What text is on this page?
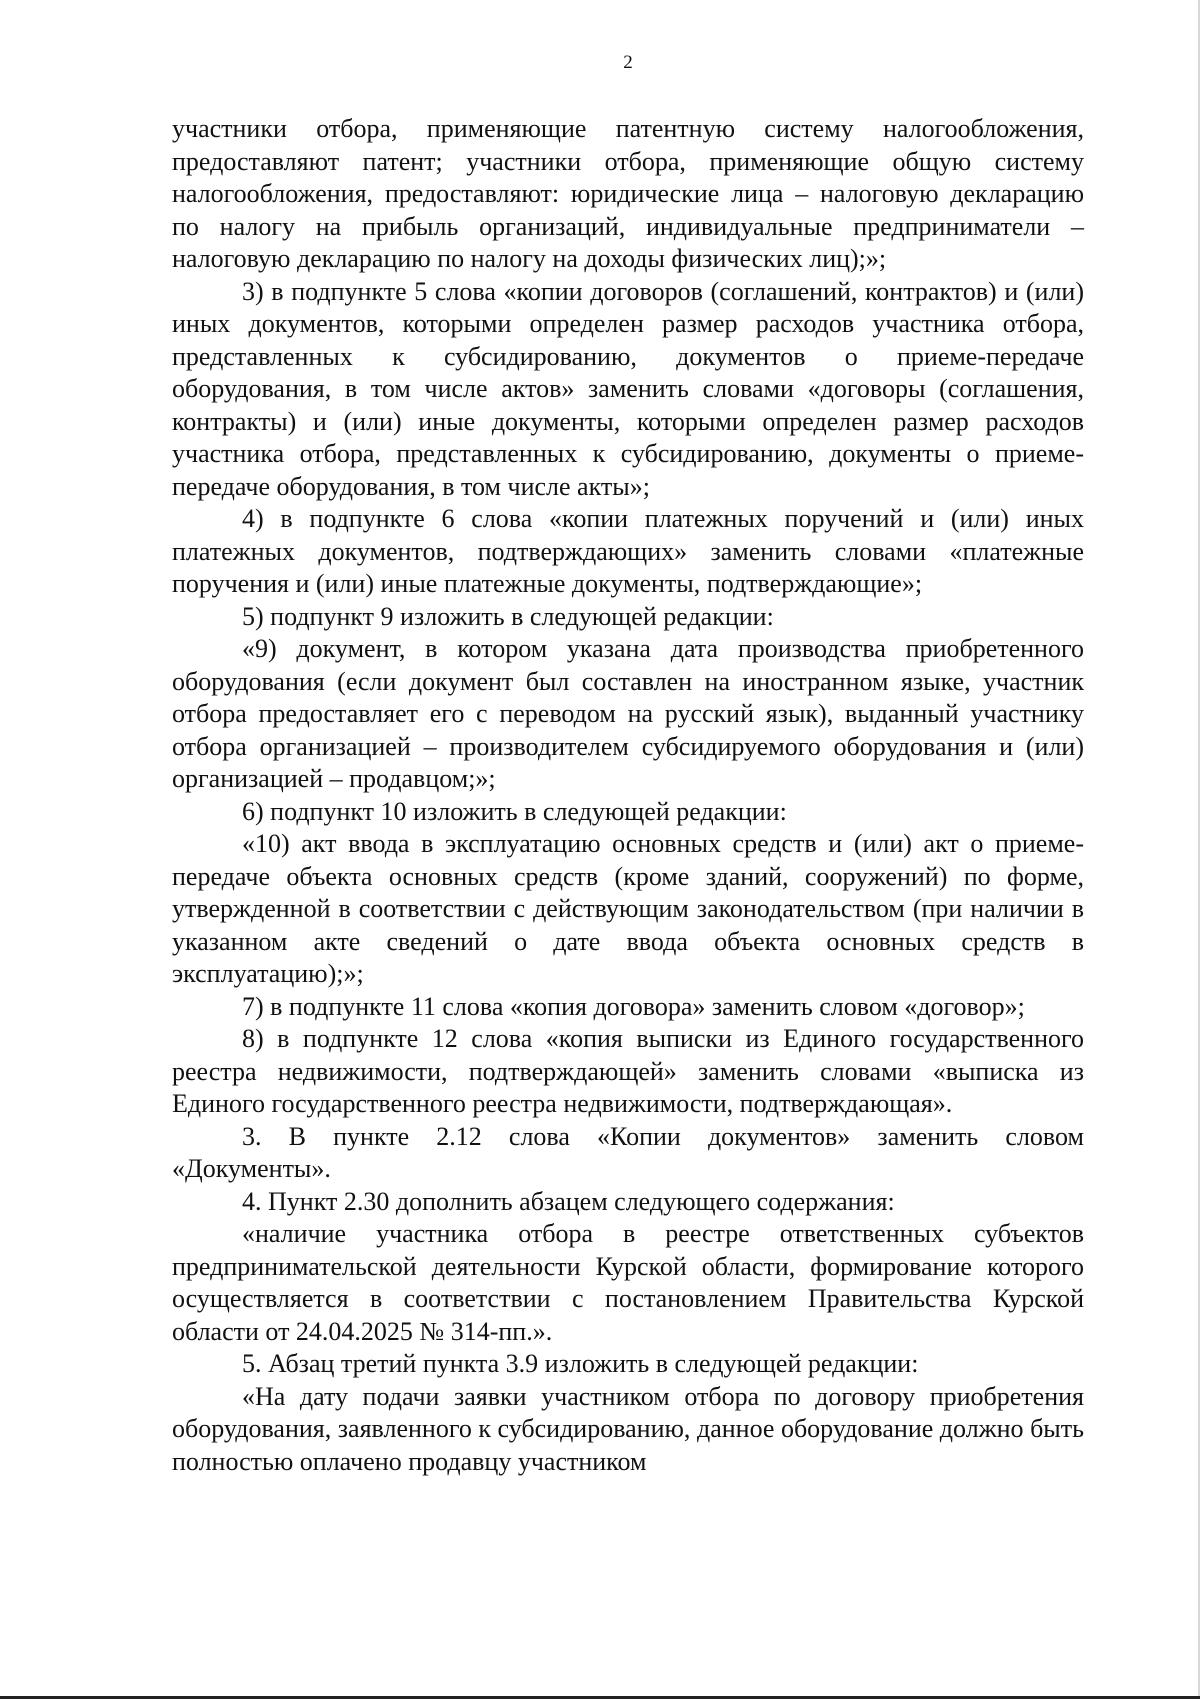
2

участники отбора, применяющие патентную систему налогообложения, предоставляют патент; участники отбора, применяющие общую систему налогообложения, предоставляют: юридические лица – налоговую декларацию по налогу на прибыль организаций, индивидуальные предприниматели – налоговую декларацию по налогу на доходы физических лиц);»;

3) в подпункте 5 слова «копии договоров (соглашений, контрактов) и (или) иных документов, которыми определен размер расходов участника отбора, представленных к субсидированию, документов о приеме-передаче оборудования, в том числе актов» заменить словами «договоры (соглашения, контракты) и (или) иные документы, которыми определен размер расходов участника отбора, представленных к субсидированию, документы о приеме-передаче оборудования, в том числе акты»;

4) в подпункте 6 слова «копии платежных поручений и (или) иных платежных документов, подтверждающих» заменить словами «платежные поручения и (или) иные платежные документы, подтверждающие»;

5) подпункт 9 изложить в следующей редакции:

«9) документ, в котором указана дата производства приобретенного оборудования (если документ был составлен на иностранном языке, участник отбора предоставляет его с переводом на русский язык), выданный участнику отбора организацией – производителем субсидируемого оборудования и (или) организацией – продавцом;»;

6) подпункт 10 изложить в следующей редакции:

«10) акт ввода в эксплуатацию основных средств и (или) акт о приеме-передаче объекта основных средств (кроме зданий, сооружений) по форме, утвержденной в соответствии с действующим законодательством (при наличии в указанном акте сведений о дате ввода объекта основных средств в эксплуатацию);»;

7) в подпункте 11 слова «копия договора» заменить словом «договор»;

8) в подпункте 12 слова «копия выписки из Единого государственного реестра недвижимости, подтверждающей» заменить словами «выписка из Единого государственного реестра недвижимости, подтверждающая».

3. В пункте 2.12 слова «Копии документов» заменить словом «Документы».

4. Пункт 2.30 дополнить абзацем следующего содержания:

«наличие участника отбора в реестре ответственных субъектов предпринимательской деятельности Курской области, формирование которого осуществляется в соответствии с постановлением Правительства Курской области от 24.04.2025 № 314-пп.».

5. Абзац третий пункта 3.9 изложить в следующей редакции:

«На дату подачи заявки участником отбора по договору приобретения оборудования, заявленного к субсидированию, данное оборудование должно быть полностью оплачено продавцу участником
